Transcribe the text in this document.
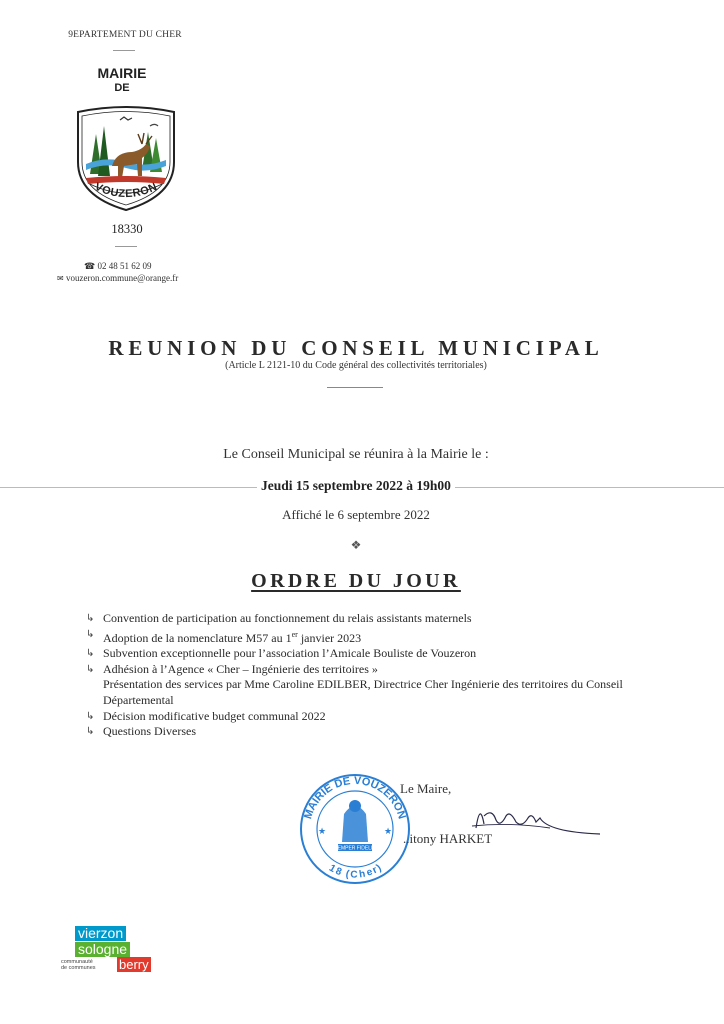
9EPARTEMENT DU CHER
MAIRIE
DE
VOUZERON
18330
☎ 02 48 51 62 09
✉ vouzeron.commune@orange.fr
REUNION DU CONSEIL MUNICIPAL
(Article L 2121-10 du Code général des collectivités territoriales)
Le Conseil Municipal se réunira à la Mairie le :
Jeudi 15 septembre 2022 à 19h00
Affiché le 6 septembre 2022
❖
ORDRE DU JOUR
↳ Convention de participation au fonctionnement du relais assistants maternels
↳ Adoption de la nomenclature M57 au 1er janvier 2023
↳ Subvention exceptionnelle pour l’association l’Amicale Bouliste de Vouzeron
↳ Adhésion à l’Agence « Cher – Ingénierie des territoires »
Présentation des services par Mme Caroline EDILBER, Directrice Cher Ingénierie des territoires du Conseil Départemental
↳ Décision modificative budget communal 2022
↳ Questions Diverses
MAIRIE DE VOUZERON
18 (Cher)
SEMPER FIDELIS
★	★
Le Maire,
..itony HARKET
vierzon
sologne
communauté
de communes	berry
